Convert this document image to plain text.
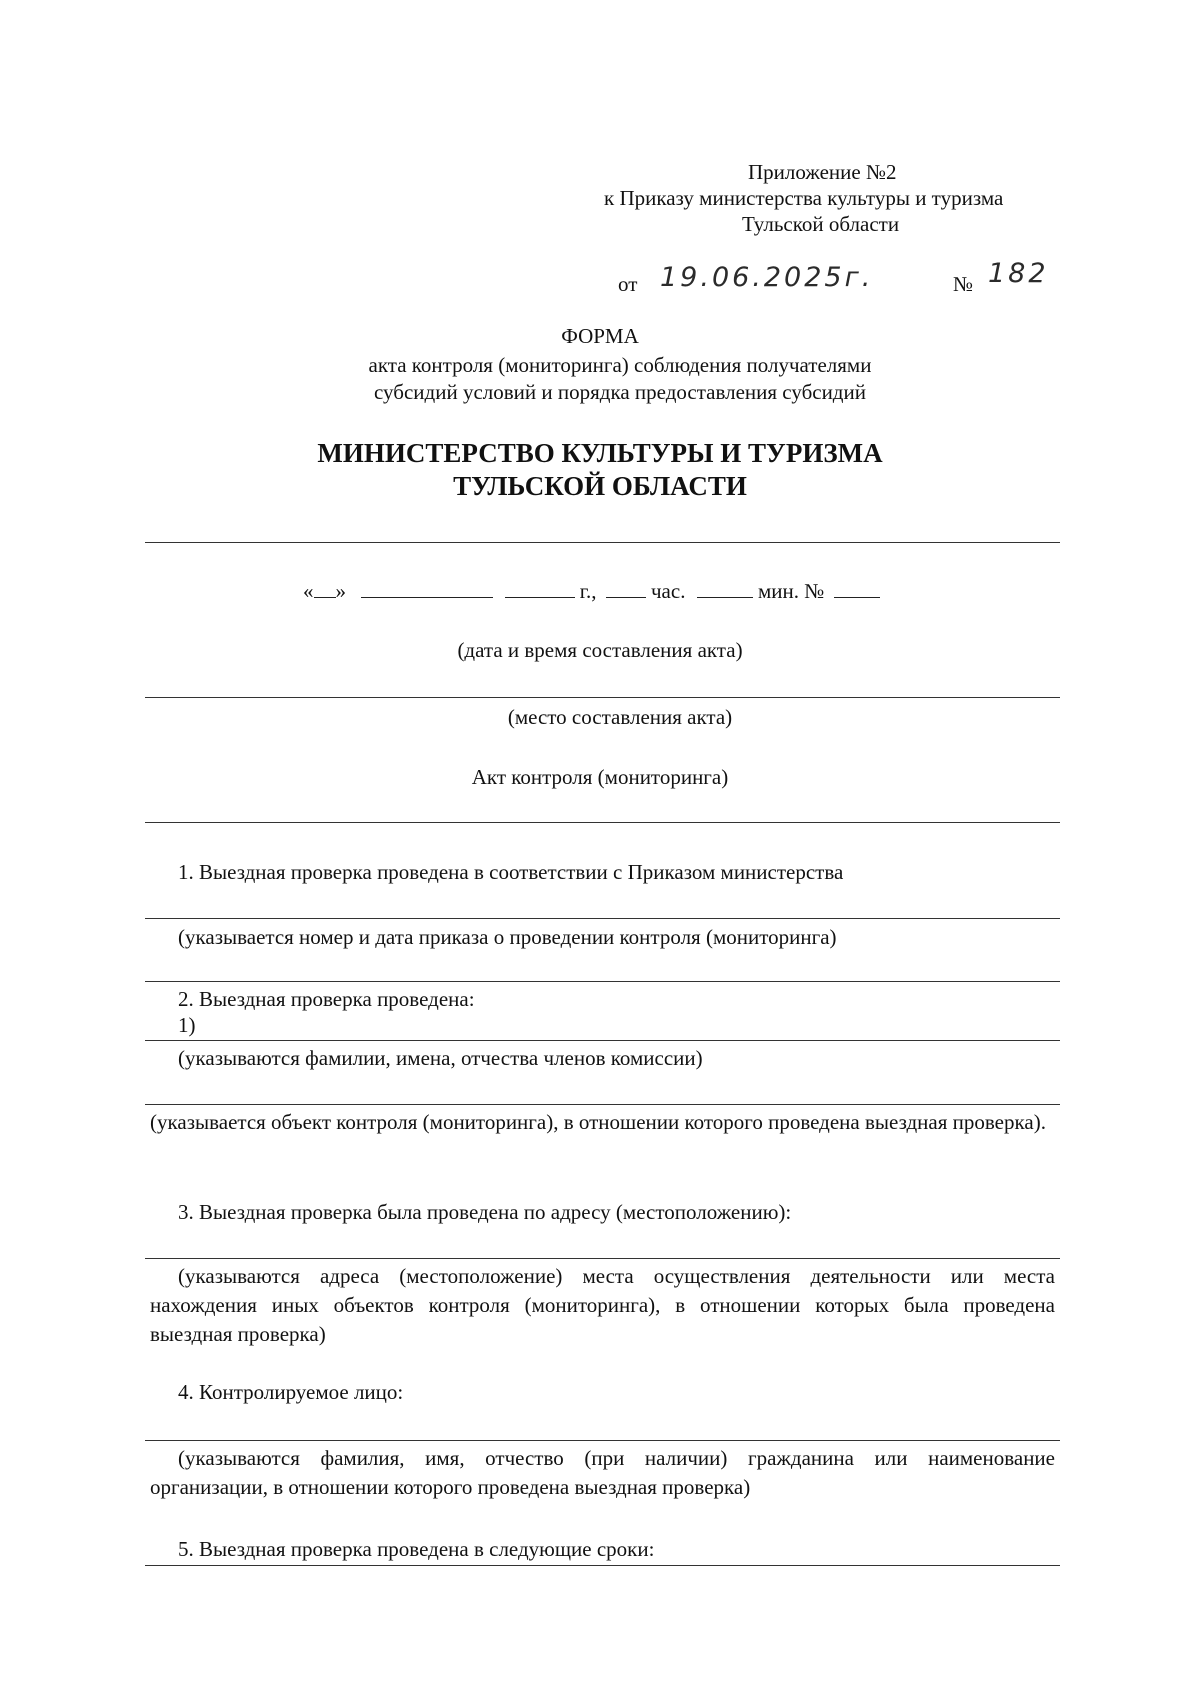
Приложение №2
к Приказу министерства культуры и туризма
Тульской области
от 19.06.2025г.	№ 182
ФОРМА
акта контроля (мониторинга) соблюдения получателями
субсидий условий и порядка предоставления субсидий
МИНИСТЕРСТВО КУЛЬТУРЫ И ТУРИЗМА
ТУЛЬСКОЙ ОБЛАСТИ
« »	г.,	час.	мин. №
(дата и время составления акта)
(место составления акта)
Акт контроля (мониторинга)
1. Выездная проверка проведена в соответствии с Приказом министерства
(указывается номер и дата приказа о проведении контроля (мониторинга)
2. Выездная проверка проведена:
1)
(указываются фамилии, имена, отчества членов комиссии)
(указывается объект контроля (мониторинга), в отношении которого проведена выездная проверка).
3. Выездная проверка была проведена по адресу (местоположению):
(указываются адреса (местоположение) места осуществления деятельности или места нахождения иных объектов контроля (мониторинга), в отношении которых была проведена выездная проверка)
4. Контролируемое лицо:
(указываются фамилия, имя, отчество (при наличии) гражданина или наименование организации, в отношении которого проведена выездная проверка)
5. Выездная проверка проведена в следующие сроки:
